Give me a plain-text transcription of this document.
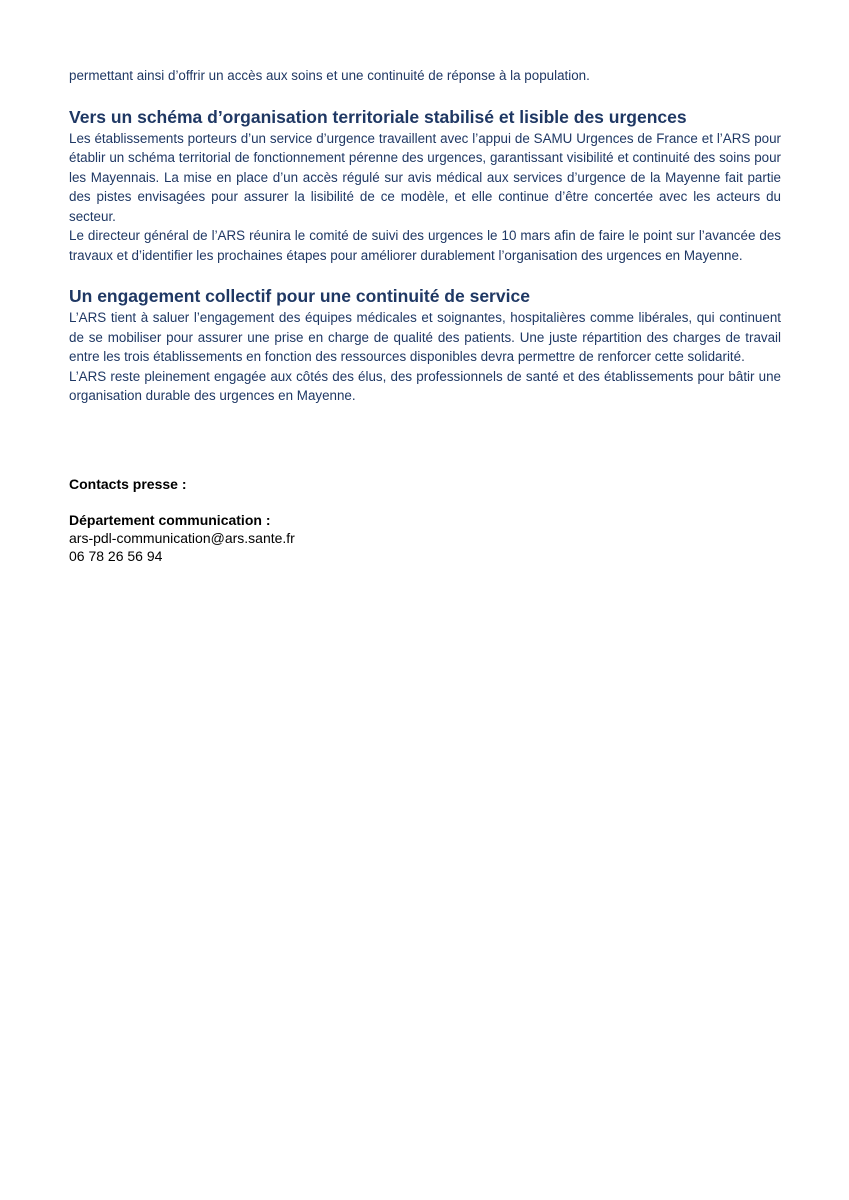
permettant ainsi d’offrir un accès aux soins et une continuité de réponse à la population.

Vers un schéma d’organisation territoriale stabilisé et lisible des urgences

Les établissements porteurs d’un service d’urgence travaillent avec l’appui de SAMU Urgences de France et l’ARS pour établir un schéma territorial de fonctionnement pérenne des urgences, garantissant visibilité et continuité des soins pour les Mayennais. La mise en place d’un accès régulé sur avis médical aux services d’urgence de la Mayenne fait partie des pistes envisagées pour assurer la lisibilité de ce modèle, et elle continue d’être concertée avec les acteurs du secteur.

Le directeur général de l’ARS réunira le comité de suivi des urgences le 10 mars afin de faire le point sur l’avancée des travaux et d’identifier les prochaines étapes pour améliorer durablement l’organisation des urgences en Mayenne.

Un engagement collectif pour une continuité de service

L’ARS tient à saluer l’engagement des équipes médicales et soignantes, hospitalières comme libérales, qui continuent de se mobiliser pour assurer une prise en charge de qualité des patients. Une juste répartition des charges de travail entre les trois établissements en fonction des ressources disponibles devra permettre de renforcer cette solidarité.

L’ARS reste pleinement engagée aux côtés des élus, des professionnels de santé et des établissements pour bâtir une organisation durable des urgences en Mayenne.

Contacts presse :

Département communication :

ars-pdl-communication@ars.sante.fr

06 78 26 56 94
